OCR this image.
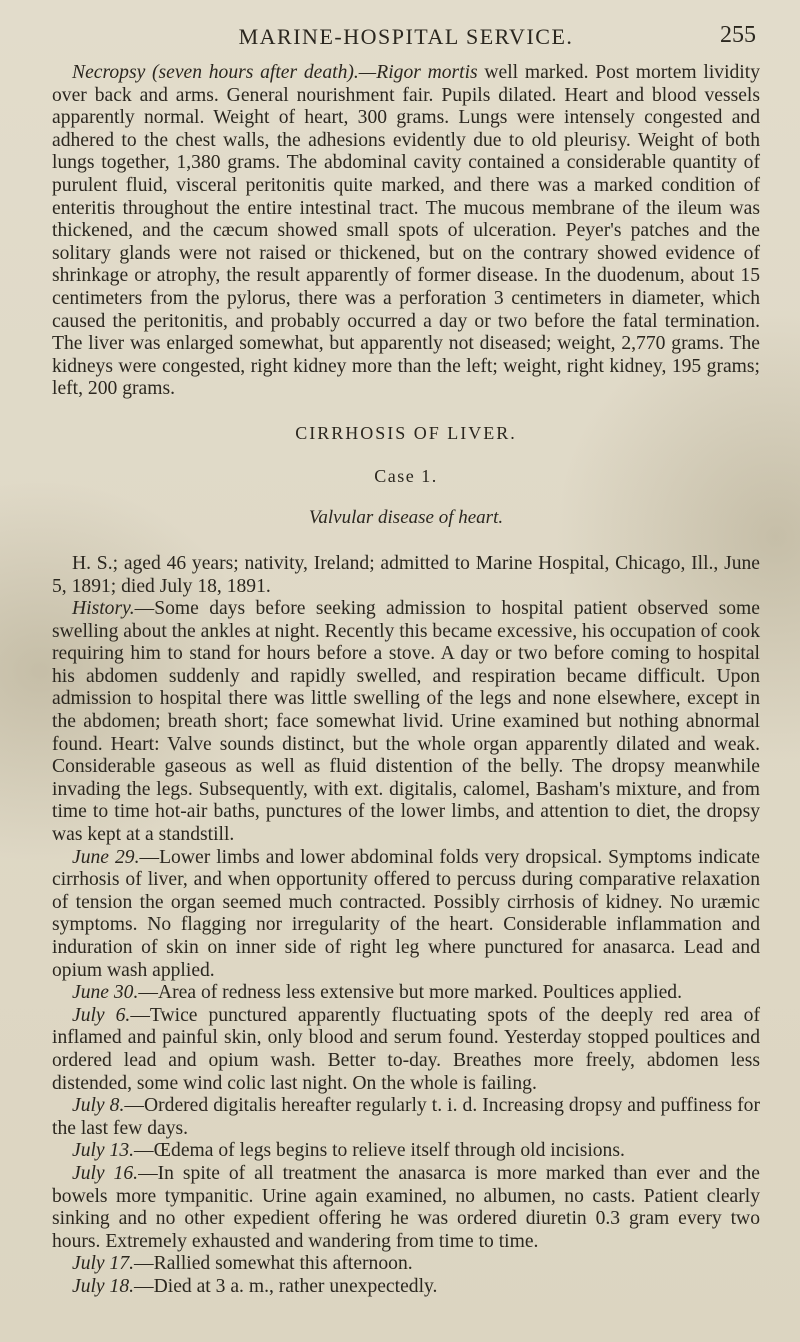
MARINE-HOSPITAL SERVICE.	255

Necropsy (seven hours after death).—Rigor mortis well marked. Post mortem lividity over back and arms. General nourishment fair. Pupils dilated. Heart and blood vessels apparently normal. Weight of heart, 300 grams. Lungs were intensely congested and adhered to the chest walls, the adhesions evidently due to old pleurisy. Weight of both lungs together, 1,380 grams. The abdominal cavity contained a considerable quantity of purulent fluid, visceral peritonitis quite marked, and there was a marked condition of enteritis throughout the entire intestinal tract. The mucous membrane of the ileum was thickened, and the cæcum showed small spots of ulceration. Peyer's patches and the solitary glands were not raised or thickened, but on the contrary showed evidence of shrinkage or atrophy, the result apparently of former disease. In the duodenum, about 15 centimeters from the pylorus, there was a perforation 3 centimeters in diameter, which caused the peritonitis, and probably occurred a day or two before the fatal termination. The liver was enlarged somewhat, but apparently not diseased; weight, 2,770 grams. The kidneys were congested, right kidney more than the left; weight, right kidney, 195 grams; left, 200 grams.

CIRRHOSIS OF LIVER.
Case 1.
Valvular disease of heart.

H. S.; aged 46 years; nativity, Ireland; admitted to Marine Hospital, Chicago, Ill., June 5, 1891; died July 18, 1891.

History.—Some days before seeking admission to hospital patient observed some swelling about the ankles at night. Recently this became excessive, his occupation of cook requiring him to stand for hours before a stove. A day or two before coming to hospital his abdomen suddenly and rapidly swelled, and respiration became difficult. Upon admission to hospital there was little swelling of the legs and none elsewhere, except in the abdomen; breath short; face somewhat livid. Urine examined but nothing abnormal found. Heart: Valve sounds distinct, but the whole organ apparently dilated and weak. Considerable gaseous as well as fluid distention of the belly. The dropsy meanwhile invading the legs. Subsequently, with ext. digitalis, calomel, Basham's mixture, and from time to time hot-air baths, punctures of the lower limbs, and attention to diet, the dropsy was kept at a standstill.

June 29.—Lower limbs and lower abdominal folds very dropsical. Symptoms indicate cirrhosis of liver, and when opportunity offered to percuss during comparative relaxation of tension the organ seemed much contracted. Possibly cirrhosis of kidney. No uræmic symptoms. No flagging nor irregularity of the heart. Considerable inflammation and induration of skin on inner side of right leg where punctured for anasarca. Lead and opium wash applied.

June 30.—Area of redness less extensive but more marked. Poultices applied.

July 6.—Twice punctured apparently fluctuating spots of the deeply red area of inflamed and painful skin, only blood and serum found. Yesterday stopped poultices and ordered lead and opium wash. Better to-day. Breathes more freely, abdomen less distended, some wind colic last night. On the whole is failing.

July 8.—Ordered digitalis hereafter regularly t. i. d. Increasing dropsy and puffiness for the last few days.

July 13.—Œdema of legs begins to relieve itself through old incisions.

July 16.—In spite of all treatment the anasarca is more marked than ever and the bowels more tympanitic. Urine again examined, no albumen, no casts. Patient clearly sinking and no other expedient offering he was ordered diuretin 0.3 gram every two hours. Extremely exhausted and wandering from time to time.

July 17.—Rallied somewhat this afternoon.

July 18.—Died at 3 a. m., rather unexpectedly.
